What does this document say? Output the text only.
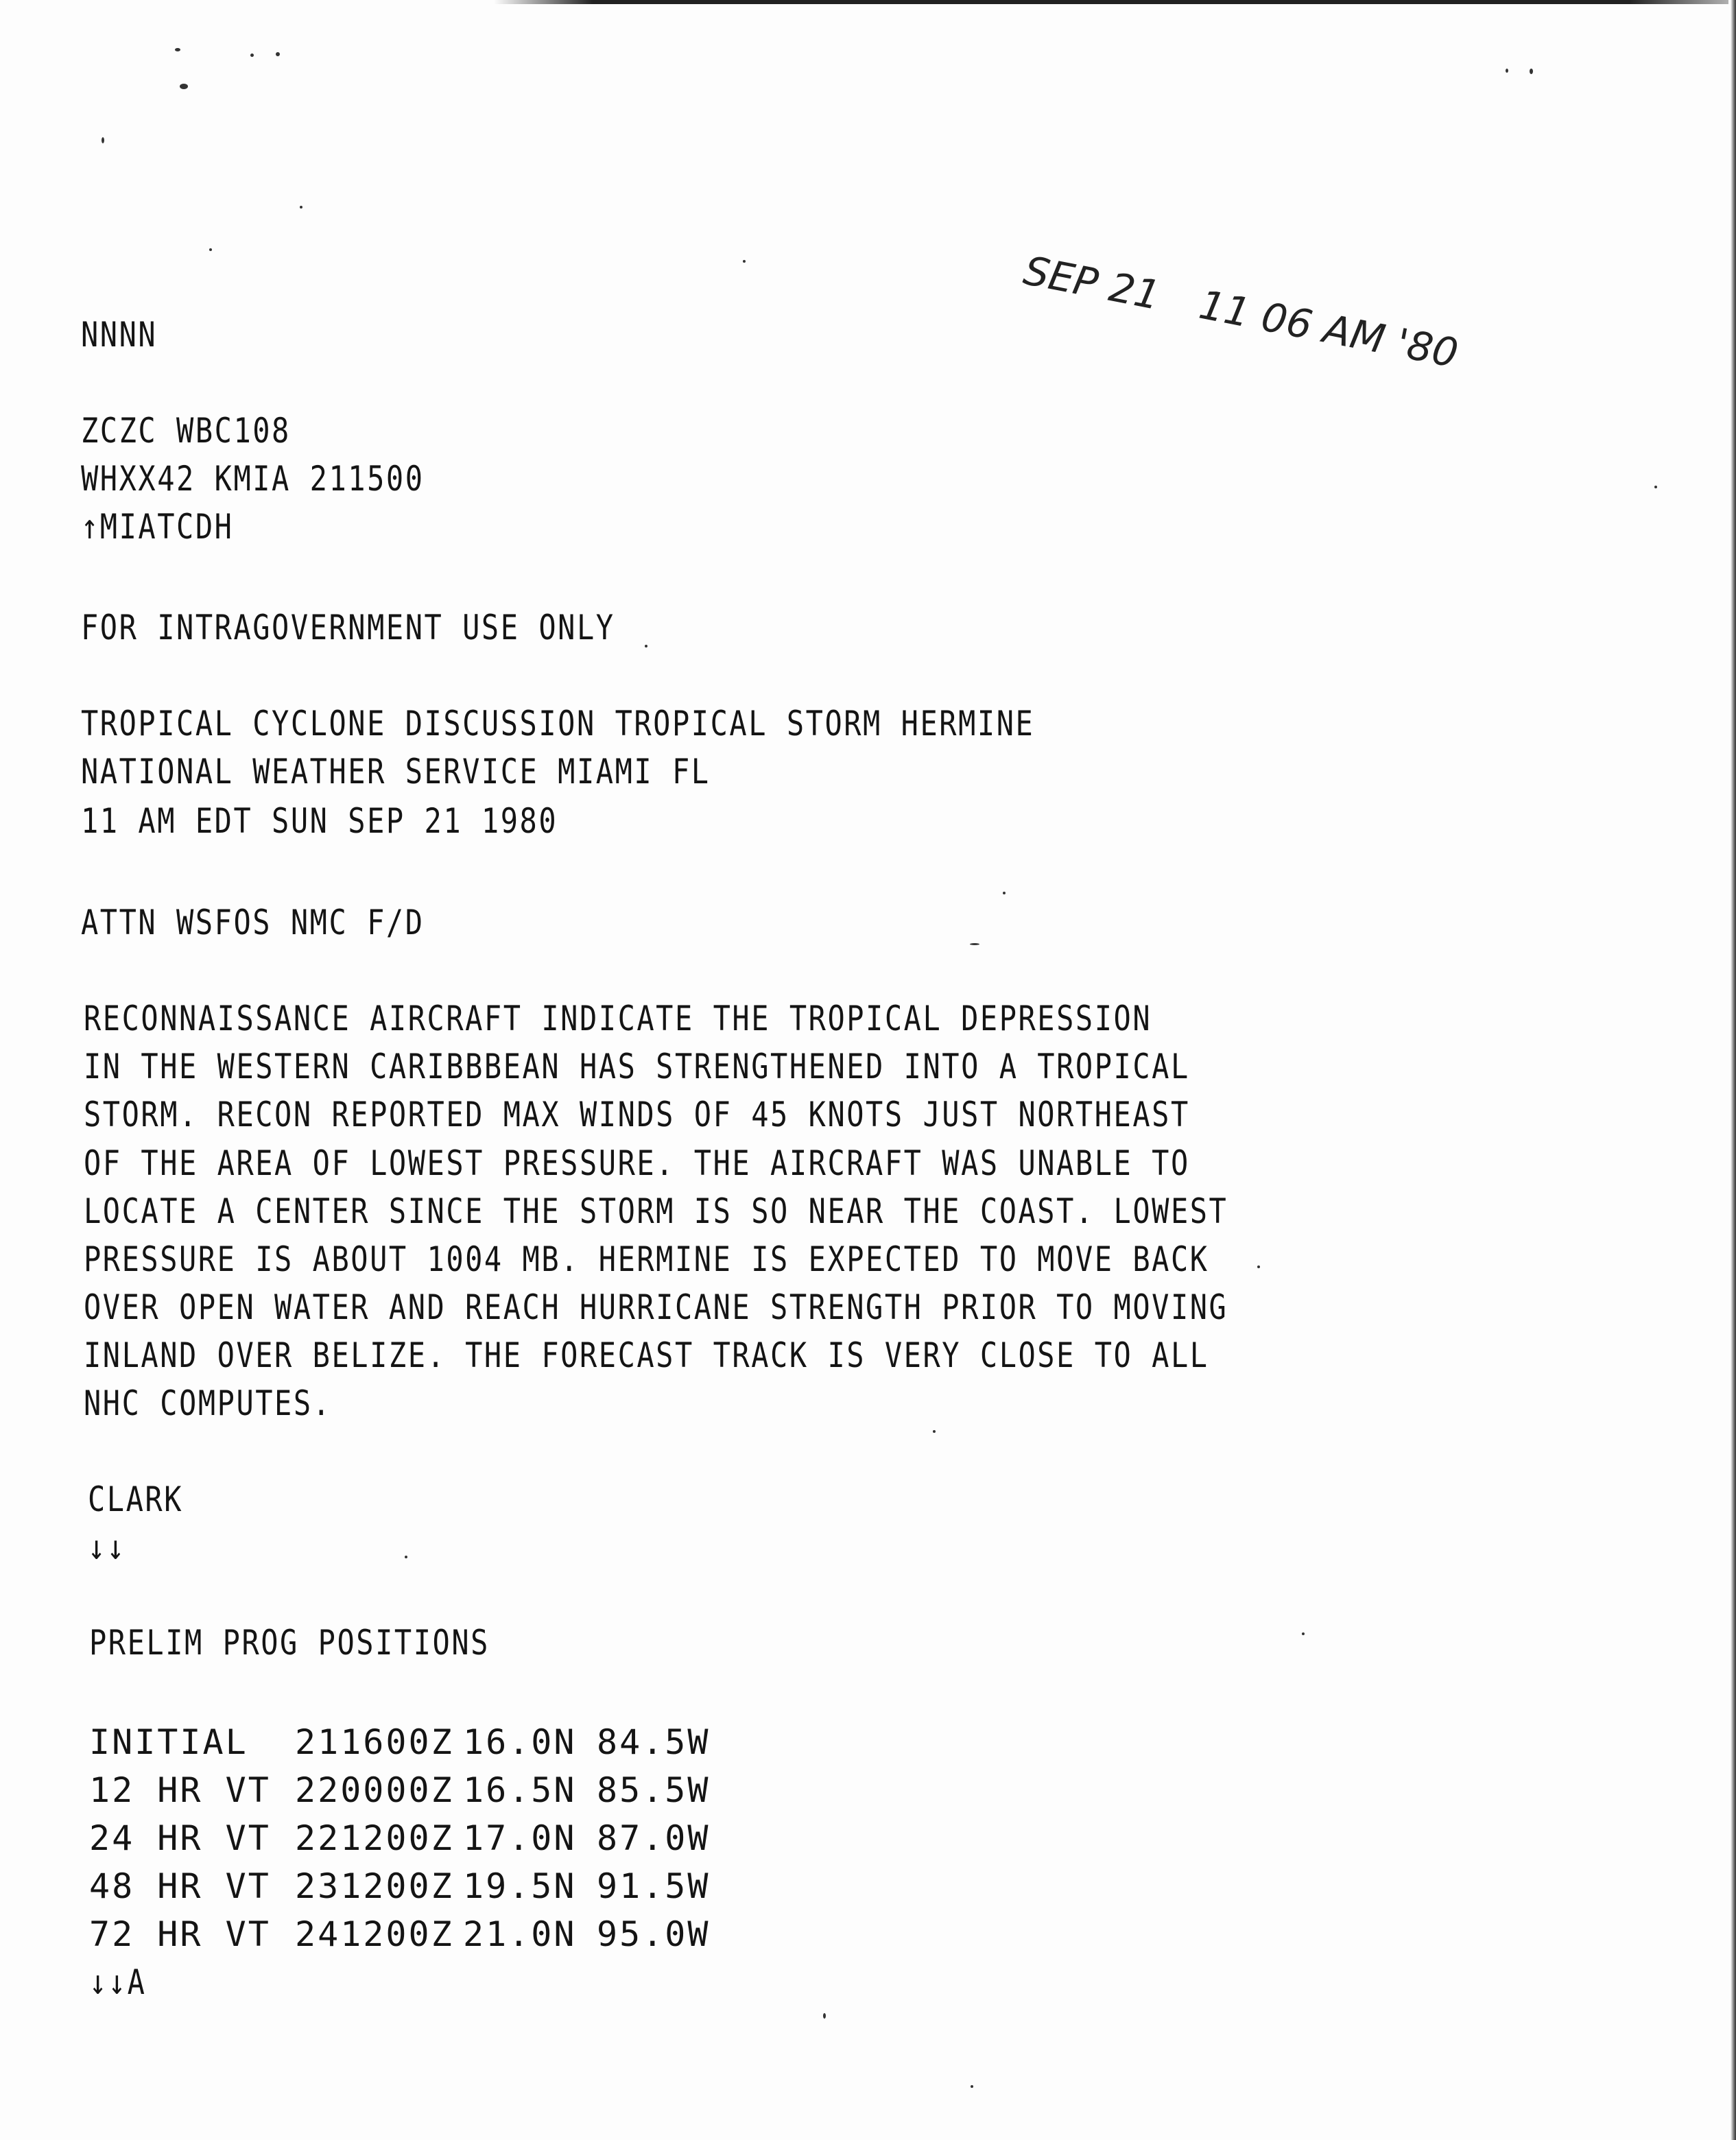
SEP 21 11 06 AM '80
NNNN
ZCZC WBC108
WHXX42 KMIA 211500
↑MIATCDH
FOR INTRAGOVERNMENT USE ONLY
TROPICAL CYCLONE DISCUSSION TROPICAL STORM HERMINE
NATIONAL WEATHER SERVICE MIAMI FL
11 AM EDT SUN SEP 21 1980
ATTN WSFOS NMC F/D
RECONNAISSANCE AIRCRAFT INDICATE THE TROPICAL DEPRESSION
IN THE WESTERN CARIBBBEAN HAS STRENGTHENED INTO A TROPICAL
STORM. RECON REPORTED MAX WINDS OF 45 KNOTS JUST NORTHEAST
OF THE AREA OF LOWEST PRESSURE. THE AIRCRAFT WAS UNABLE TO
LOCATE A CENTER SINCE THE STORM IS SO NEAR THE COAST. LOWEST
PRESSURE IS ABOUT 1004 MB. HERMINE IS EXPECTED TO MOVE BACK
OVER OPEN WATER AND REACH HURRICANE STRENGTH PRIOR TO MOVING
INLAND OVER BELIZE. THE FORECAST TRACK IS VERY CLOSE TO ALL
NHC COMPUTES.
CLARK
↓↓
PRELIM PROG POSITIONS
INITIAL	211600Z	16.0N	84.5W
12 HR VT	220000Z	16.5N	85.5W
24 HR VT	221200Z	17.0N	87.0W
48 HR VT	231200Z	19.5N	91.5W
72 HR VT	241200Z	21.0N	95.0W
↓↓A
